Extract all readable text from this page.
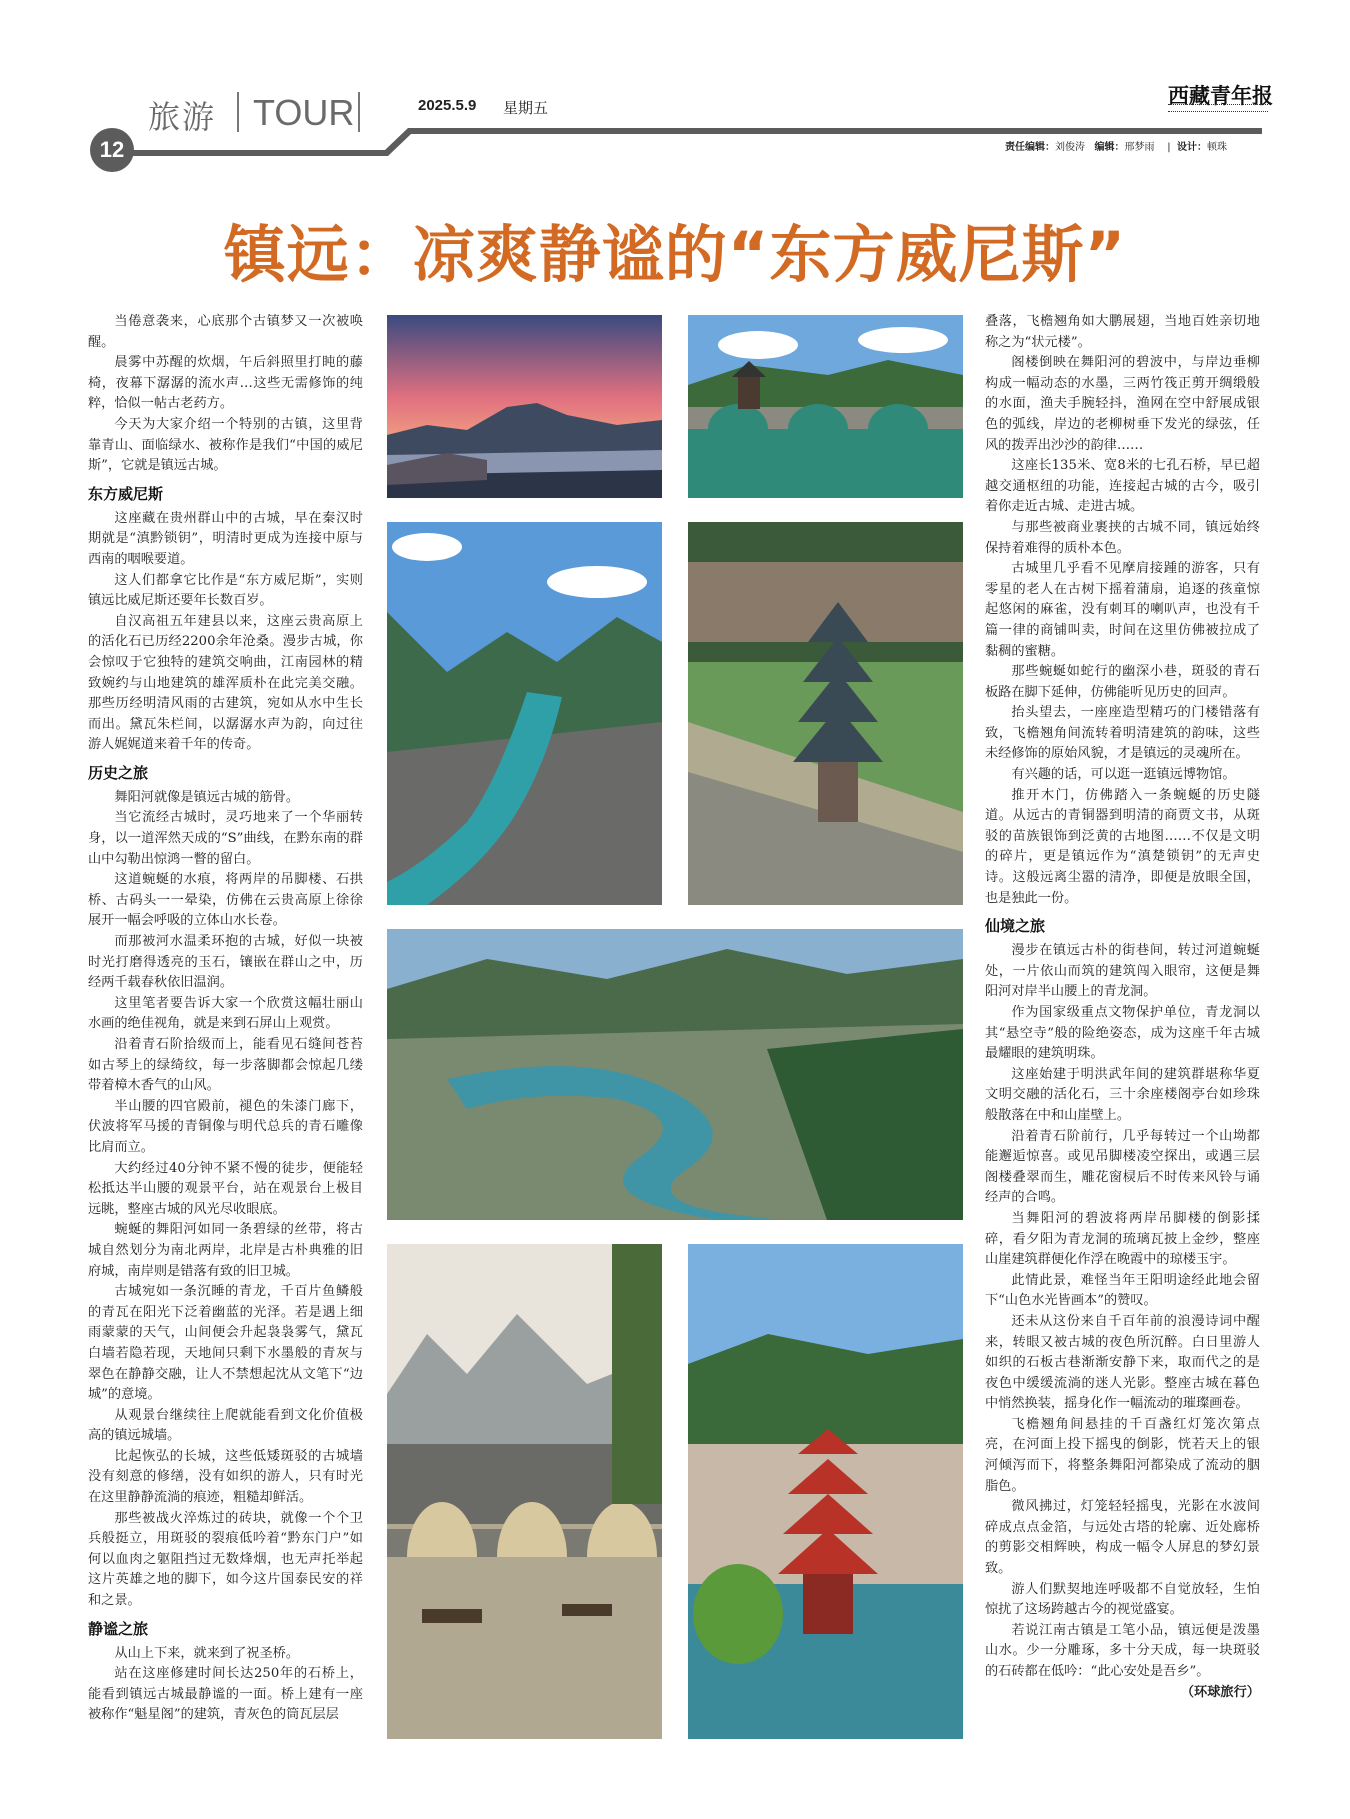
旅游 TOUR	2025.5.9 星期五	西藏青年报
12	责任编辑：刘俊涛 编辑：邢梦雨    |  设计：顿珠
镇远：凉爽静谧的“东方威尼斯”

当倦意袭来，心底那个古镇梦又一次被唤醒。

晨雾中苏醒的炊烟，午后斜照里打盹的藤椅，夜幕下潺潺的流水声…这些无需修饰的纯粹，恰似一帖古老药方。

今天为大家介绍一个特别的古镇，这里背靠青山、面临绿水、被称作是我们“中国的威尼斯”，它就是镇远古城。

东方威尼斯

这座藏在贵州群山中的古城，早在秦汉时期就是“滇黔锁钥”，明清时更成为连接中原与西南的咽喉要道。

这人们都拿它比作是“东方威尼斯”，实则镇远比威尼斯还要年长数百岁。

自汉高祖五年建县以来，这座云贵高原上的活化石已历经2200余年沧桑。漫步古城，你会惊叹于它独特的建筑交响曲，江南园林的精致婉约与山地建筑的雄浑质朴在此完美交融。那些历经明清风雨的古建筑，宛如从水中生长而出。黛瓦朱栏间，以潺潺水声为韵，向过往游人娓娓道来着千年的传奇。

历史之旅

舞阳河就像是镇远古城的筋骨。

当它流经古城时，灵巧地来了一个华丽转身，以一道浑然天成的“S”曲线，在黔东南的群山中勾勒出惊鸿一瞥的留白。

这道蜿蜒的水痕，将两岸的吊脚楼、石拱桥、古码头一一晕染，仿佛在云贵高原上徐徐展开一幅会呼吸的立体山水长卷。

而那被河水温柔环抱的古城，好似一块被时光打磨得透亮的玉石，镶嵌在群山之中，历经两千载春秋依旧温润。

这里笔者要告诉大家一个欣赏这幅壮丽山水画的绝佳视角，就是来到石屏山上观赏。

沿着青石阶拾级而上，能看见石缝间苍苔如古琴上的绿绮纹，每一步落脚都会惊起几缕带着樟木香气的山风。

半山腰的四官殿前，褪色的朱漆门廊下，伏波将军马援的青铜像与明代总兵的青石雕像比肩而立。

大约经过40分钟不紧不慢的徒步，便能轻松抵达半山腰的观景平台，站在观景台上极目远眺，整座古城的风光尽收眼底。

蜿蜒的舞阳河如同一条碧绿的丝带，将古城自然划分为南北两岸，北岸是古朴典雅的旧府城，南岸则是错落有致的旧卫城。

古城宛如一条沉睡的青龙，千百片鱼鳞般的青瓦在阳光下泛着幽蓝的光泽。若是遇上细雨蒙蒙的天气，山间便会升起袅袅雾气，黛瓦白墙若隐若现，天地间只剩下水墨般的青灰与翠色在静静交融，让人不禁想起沈从文笔下“边城”的意境。

从观景台继续往上爬就能看到文化价值极高的镇远城墙。

比起恢弘的长城，这些低矮斑驳的古城墙没有刻意的修缮，没有如织的游人，只有时光在这里静静流淌的痕迹，粗糙却鲜活。

那些被战火淬炼过的砖块，就像一个个卫兵般挺立，用斑驳的裂痕低吟着“黔东门户”如何以血肉之躯阻挡过无数烽烟，也无声托举起这片英雄之地的脚下，如今这片国泰民安的祥和之景。

静谧之旅

从山上下来，就来到了祝圣桥。

站在这座修建时间长达250年的石桥上，能看到镇远古城最静谧的一面。桥上建有一座被称作“魁星阁”的建筑，青灰色的筒瓦层层

叠落，飞檐翘角如大鹏展翅，当地百姓亲切地称之为“状元楼”。

阁楼倒映在舞阳河的碧波中，与岸边垂柳构成一幅动态的水墨，三两竹筏正剪开绸缎般的水面，渔夫手腕轻抖，渔网在空中舒展成银色的弧线，岸边的老柳树垂下发光的绿弦，任风的拨弄出沙沙的韵律……

这座长135米、宽8米的七孔石桥，早已超越交通枢纽的功能，连接起古城的古今，吸引着你走近古城、走进古城。

与那些被商业裹挟的古城不同，镇远始终保持着难得的质朴本色。

古城里几乎看不见摩肩接踵的游客，只有零星的老人在古树下摇着蒲扇，追逐的孩童惊起悠闲的麻雀，没有刺耳的喇叭声，也没有千篇一律的商铺叫卖，时间在这里仿佛被拉成了黏稠的蜜糖。

那些蜿蜒如蛇行的幽深小巷，斑驳的青石板路在脚下延伸，仿佛能听见历史的回声。

抬头望去，一座座造型精巧的门楼错落有致，飞檐翘角间流转着明清建筑的韵味，这些未经修饰的原始风貌，才是镇远的灵魂所在。

有兴趣的话，可以逛一逛镇远博物馆。

推开木门，仿佛踏入一条蜿蜒的历史隧道。从远古的青铜器到明清的商贾文书，从斑驳的苗族银饰到泛黄的古地图……不仅是文明的碎片，更是镇远作为“滇楚锁钥”的无声史诗。这般远离尘嚣的清净，即便是放眼全国，也是独此一份。

仙境之旅

漫步在镇远古朴的街巷间，转过河道蜿蜒处，一片依山而筑的建筑闯入眼帘，这便是舞阳河对岸半山腰上的青龙洞。

作为国家级重点文物保护单位，青龙洞以其“悬空寺”般的险绝姿态，成为这座千年古城最耀眼的建筑明珠。

这座始建于明洪武年间的建筑群堪称华夏文明交融的活化石，三十余座楼阁亭台如珍珠般散落在中和山崖壁上。

沿着青石阶前行，几乎每转过一个山坳都能邂逅惊喜。或见吊脚楼凌空探出，或遇三层阁楼叠翠而生，雕花窗棂后不时传来风铃与诵经声的合鸣。

当舞阳河的碧波将两岸吊脚楼的倒影揉碎，看夕阳为青龙洞的琉璃瓦披上金纱，整座山崖建筑群便化作浮在晚霞中的琼楼玉宇。

此情此景，难怪当年王阳明途经此地会留下“山色水光皆画本”的赞叹。

还未从这份来自千百年前的浪漫诗词中醒来，转眼又被古城的夜色所沉醉。白日里游人如织的石板古巷渐渐安静下来，取而代之的是夜色中缓缓流淌的迷人光影。整座古城在暮色中悄然换装，摇身化作一幅流动的璀璨画卷。

飞檐翘角间悬挂的千百盏红灯笼次第点亮，在河面上投下摇曳的倒影，恍若天上的银河倾泻而下，将整条舞阳河都染成了流动的胭脂色。

微风拂过，灯笼轻轻摇曳，光影在水波间碎成点点金箔，与远处古塔的轮廓、近处廊桥的剪影交相辉映，构成一幅令人屏息的梦幻景致。

游人们默契地连呼吸都不自觉放轻，生怕惊扰了这场跨越古今的视觉盛宴。

若说江南古镇是工笔小品，镇远便是泼墨山水。少一分雕琢，多十分天成，每一块斑驳的石砖都在低吟：“此心安处是吾乡”。

（环球旅行）
